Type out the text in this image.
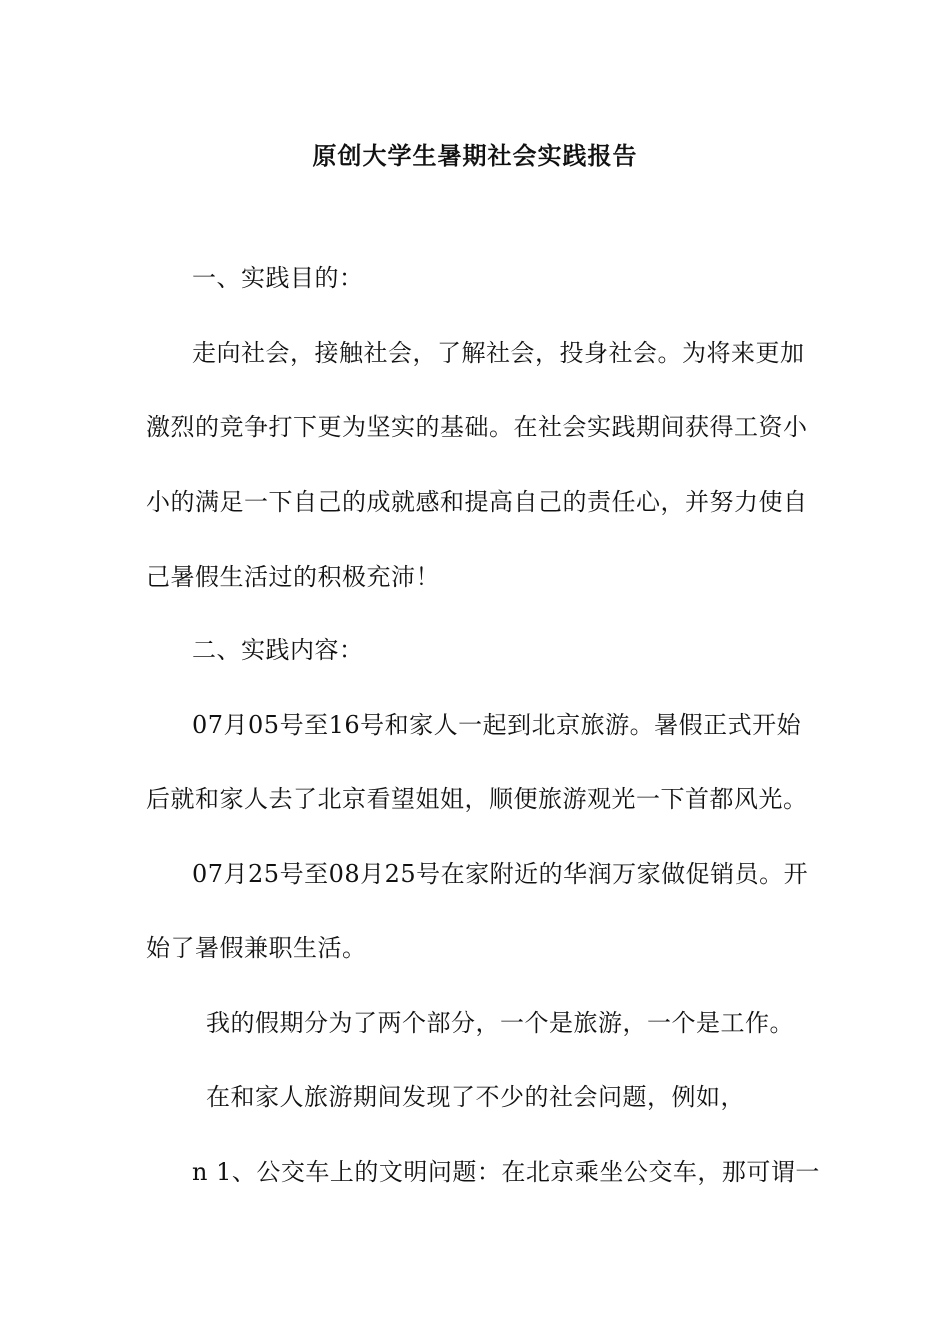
原创大学生暑期社会实践报告
一、实践目的：
走向社会，接触社会，了解社会，投身社会。为将来更加
激烈的竞争打下更为坚实的基础。在社会实践期间获得工资小
小的满足一下自己的成就感和提高自己的责任心，并努力使自
己暑假生活过的积极充沛！
二、实践内容：
07月05号至16号和家人一起到北京旅游。暑假正式开始
后就和家人去了北京看望姐姐，顺便旅游观光一下首都风光。
07月25号至08月25号在家附近的华润万家做促销员。开
始了暑假兼职生活。
我的假期分为了两个部分，一个是旅游，一个是工作。
在和家人旅游期间发现了不少的社会问题，例如，
n 1、公交车上的文明问题：在北京乘坐公交车，那可谓一
